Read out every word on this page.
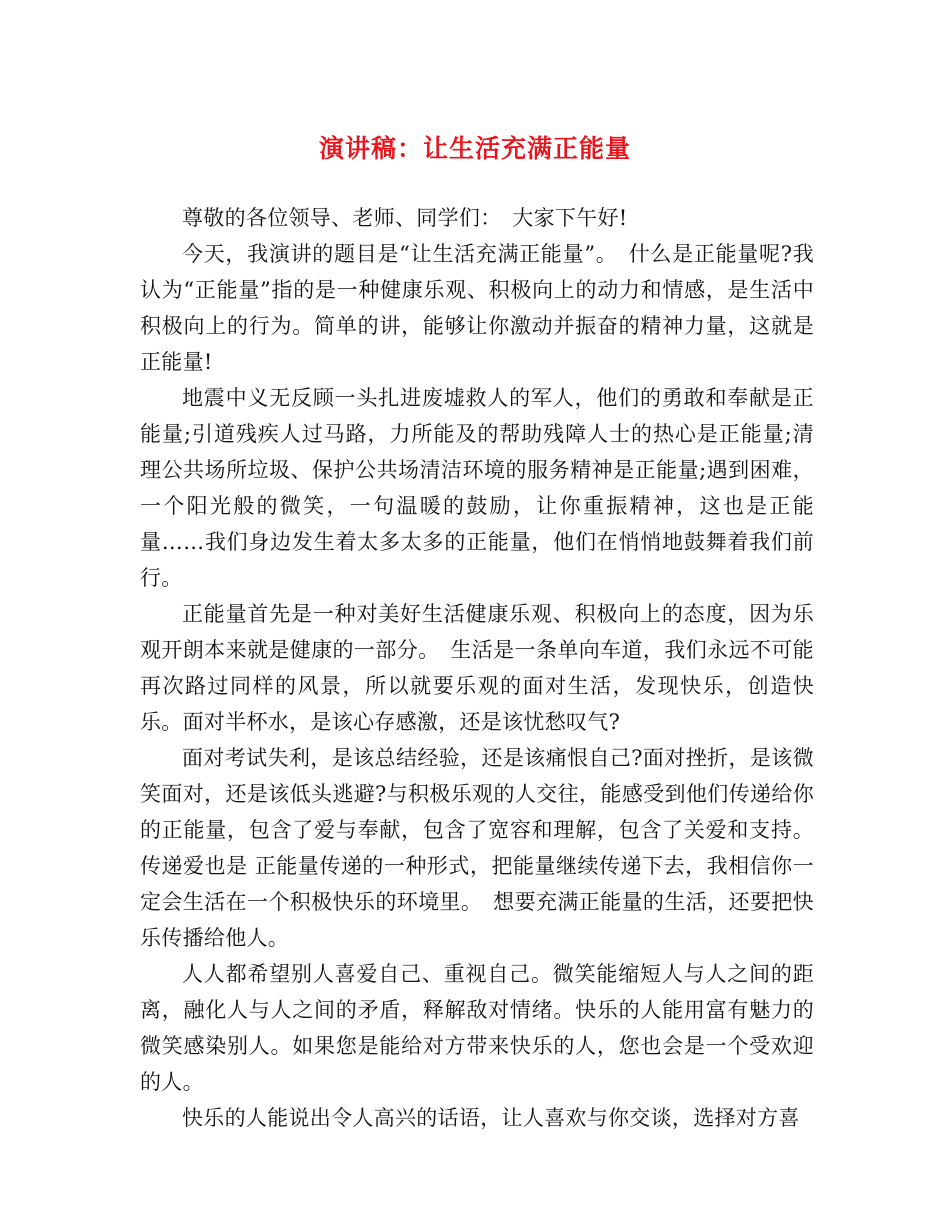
演讲稿：让生活充满正能量

尊敬的各位领导、老师、同学们：　大家下午好!

今天，我演讲的题目是“让生活充满正能量”。　什么是正能量呢?我认为“正能量”指的是一种健康乐观、积极向上的动力和情感，是生活中积极向上的行为。简单的讲，能够让你激动并振奋的精神力量，这就是正能量!

地震中义无反顾一头扎进废墟救人的军人，他们的勇敢和奉献是正能量;引道残疾人过马路，力所能及的帮助残障人士的热心是正能量;清理公共场所垃圾、保护公共场清洁环境的服务精神是正能量;遇到困难，一个阳光般的微笑，一句温暖的鼓励，让你重振精神，这也是正能量……我们身边发生着太多太多的正能量，他们在悄悄地鼓舞着我们前行。

正能量首先是一种对美好生活健康乐观、积极向上的态度，因为乐观开朗本来就是健康的一部分。　生活是一条单向车道，我们永远不可能再次路过同样的风景，所以就要乐观的面对生活，发现快乐，创造快乐。面对半杯水，是该心存感激，还是该忧愁叹气?

面对考试失利，是该总结经验，还是该痛恨自己?面对挫折，是该微笑面对，还是该低头逃避?与积极乐观的人交往，能感受到他们传递给你的正能量，包含了爱与奉献，包含了宽容和理解，包含了关爱和支持。传递爱也是 正能量传递的一种形式，把能量继续传递下去，我相信你一定会生活在一个积极快乐的环境里。　想要充满正能量的生活，还要把快乐传播给他人。

人人都希望别人喜爱自己、重视自己。微笑能缩短人与人之间的距离，融化人与人之间的矛盾，释解敌对情绪。快乐的人能用富有魅力的微笑感染别人。如果您是能给对方带来快乐的人，您也会是一个受欢迎的人。

快乐的人能说出令人高兴的话语，让人喜欢与你交谈，选择对方喜
